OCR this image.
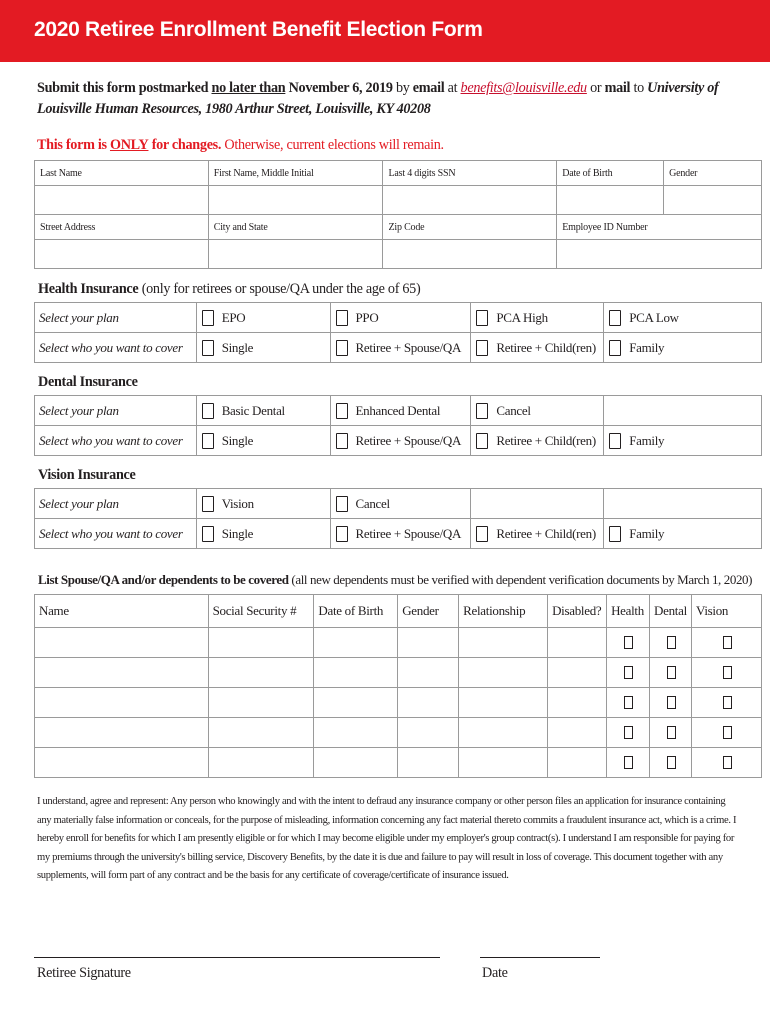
2020 Retiree Enrollment Benefit Election Form
Submit this form postmarked no later than November 6, 2019 by email at benefits@louisville.edu or mail to University of Louisville Human Resources, 1980 Arthur Street, Louisville, KY 40208
This form is ONLY for changes. Otherwise, current elections will remain.
Last Name	First Name, Middle Initial	Last 4 digits SSN	Date of Birth	Gender

Street Address	City and State	Zip Code	Employee ID Number	

Health Insurance (only for retirees or spouse/QA under the age of 65)
Select your plan	EPO	PPO	PCA High	PCA Low
Select who you want to cover	Single	Retiree + Spouse/QA	Retiree + Child(ren)	Family
Dental Insurance
Select your plan	Basic Dental	Enhanced Dental	Cancel	
Select who you want to cover	Single	Retiree + Spouse/QA	Retiree + Child(ren)	Family
Vision Insurance
Select your plan	Vision	Cancel		
Select who you want to cover	Single	Retiree + Spouse/QA	Retiree + Child(ren)	Family
List Spouse/QA and/or dependents to be covered (all new dependents must be verified with dependent verification documents by March 1, 2020)
Name	Social Security #	Date of Birth	Gender	Relationship	Disabled?	Health	Dental	Vision

I understand, agree and represent: Any person who knowingly and with the intent to defraud any insurance company or other person files an application for insurance containing any materially false information or conceals, for the purpose of misleading, information concerning any fact material thereto commits a fraudulent insurance act, which is a crime. I hereby enroll for benefits for which I am presently eligible or for which I may become eligible under my employer's group contract(s). I understand I am responsible for paying for my premiums through the university's billing service, Discovery Benefits, by the date it is due and failure to pay will result in loss of coverage. This document together with any supplements, will form part of any contract and be the basis for any certificate of coverage/certificate of insurance issued.
Retiree Signature	Date
